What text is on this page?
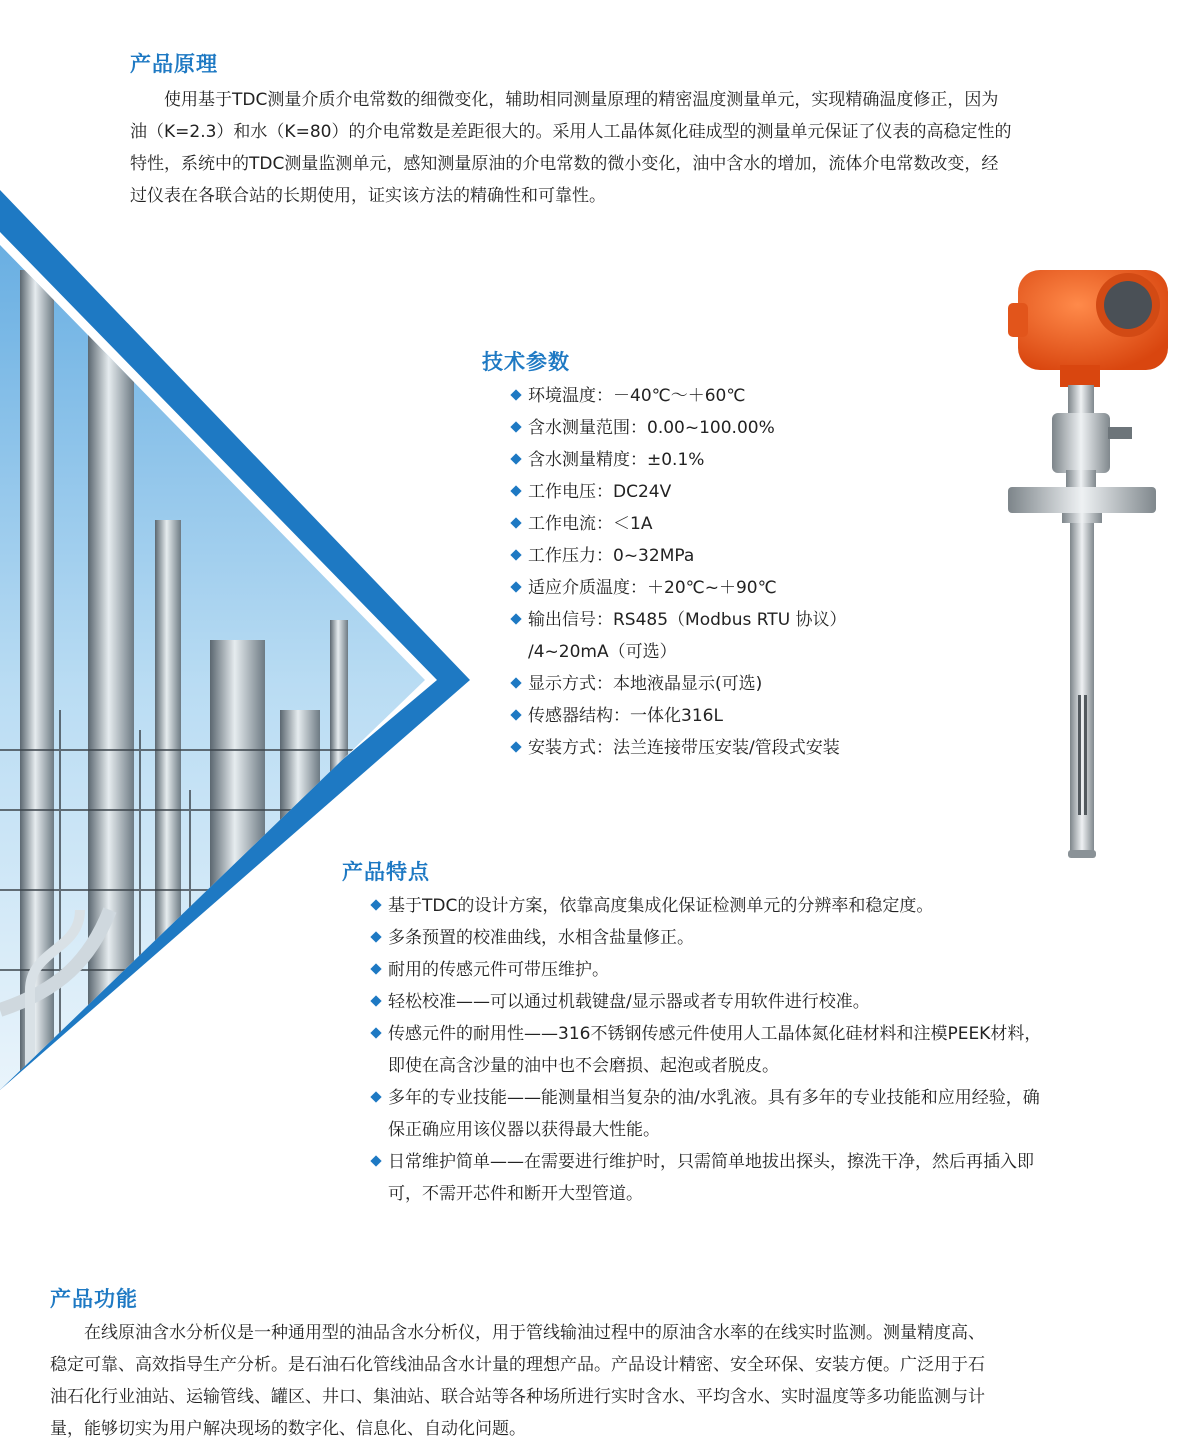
产品原理
使用基于TDC测量介质介电常数的细微变化，辅助相同测量原理的精密温度测量单元，实现精确温度修正，因为
油（K=2.3）和水（K=80）的介电常数是差距很大的。采用人工晶体氮化硅成型的测量单元保证了仪表的高稳定性的
特性，系统中的TDC测量监测单元，感知测量原油的介电常数的微小变化，油中含水的增加，流体介电常数改变，经
过仪表在各联合站的长期使用，证实该方法的精确性和可靠性。
技术参数
环境温度：－40℃～＋60℃
含水测量范围：0.00~100.00%
含水测量精度：±0.1%
工作电压：DC24V
工作电流：＜1A
工作压力：0~32MPa
适应介质温度：＋20℃~＋90℃
输出信号：RS485（Modbus RTU 协议）
/4~20mA（可选）
显示方式：本地液晶显示(可选)
传感器结构：一体化316L
安装方式：法兰连接带压安装/管段式安装
产品特点
基于TDC的设计方案，依靠高度集成化保证检测单元的分辨率和稳定度。
多条预置的校准曲线，水相含盐量修正。
耐用的传感元件可带压维护。
轻松校准——可以通过机载键盘/显示器或者专用软件进行校准。
传感元件的耐用性——316不锈钢传感元件使用人工晶体氮化硅材料和注模PEEK材料，
即使在高含沙量的油中也不会磨损、起泡或者脱皮。
多年的专业技能——能测量相当复杂的油/水乳液。具有多年的专业技能和应用经验，确
保正确应用该仪器以获得最大性能。
日常维护简单——在需要进行维护时，只需简单地拔出探头，擦洗干净，然后再插入即
可，不需开芯件和断开大型管道。
产品功能
在线原油含水分析仪是一种通用型的油品含水分析仪，用于管线输油过程中的原油含水率的在线实时监测。测量精度高、
稳定可靠、高效指导生产分析。是石油石化管线油品含水计量的理想产品。产品设计精密、安全环保、安装方便。广泛用于石
油石化行业油站、运输管线、罐区、井口、集油站、联合站等各种场所进行实时含水、平均含水、实时温度等多功能监测与计
量，能够切实为用户解决现场的数字化、信息化、自动化问题。
